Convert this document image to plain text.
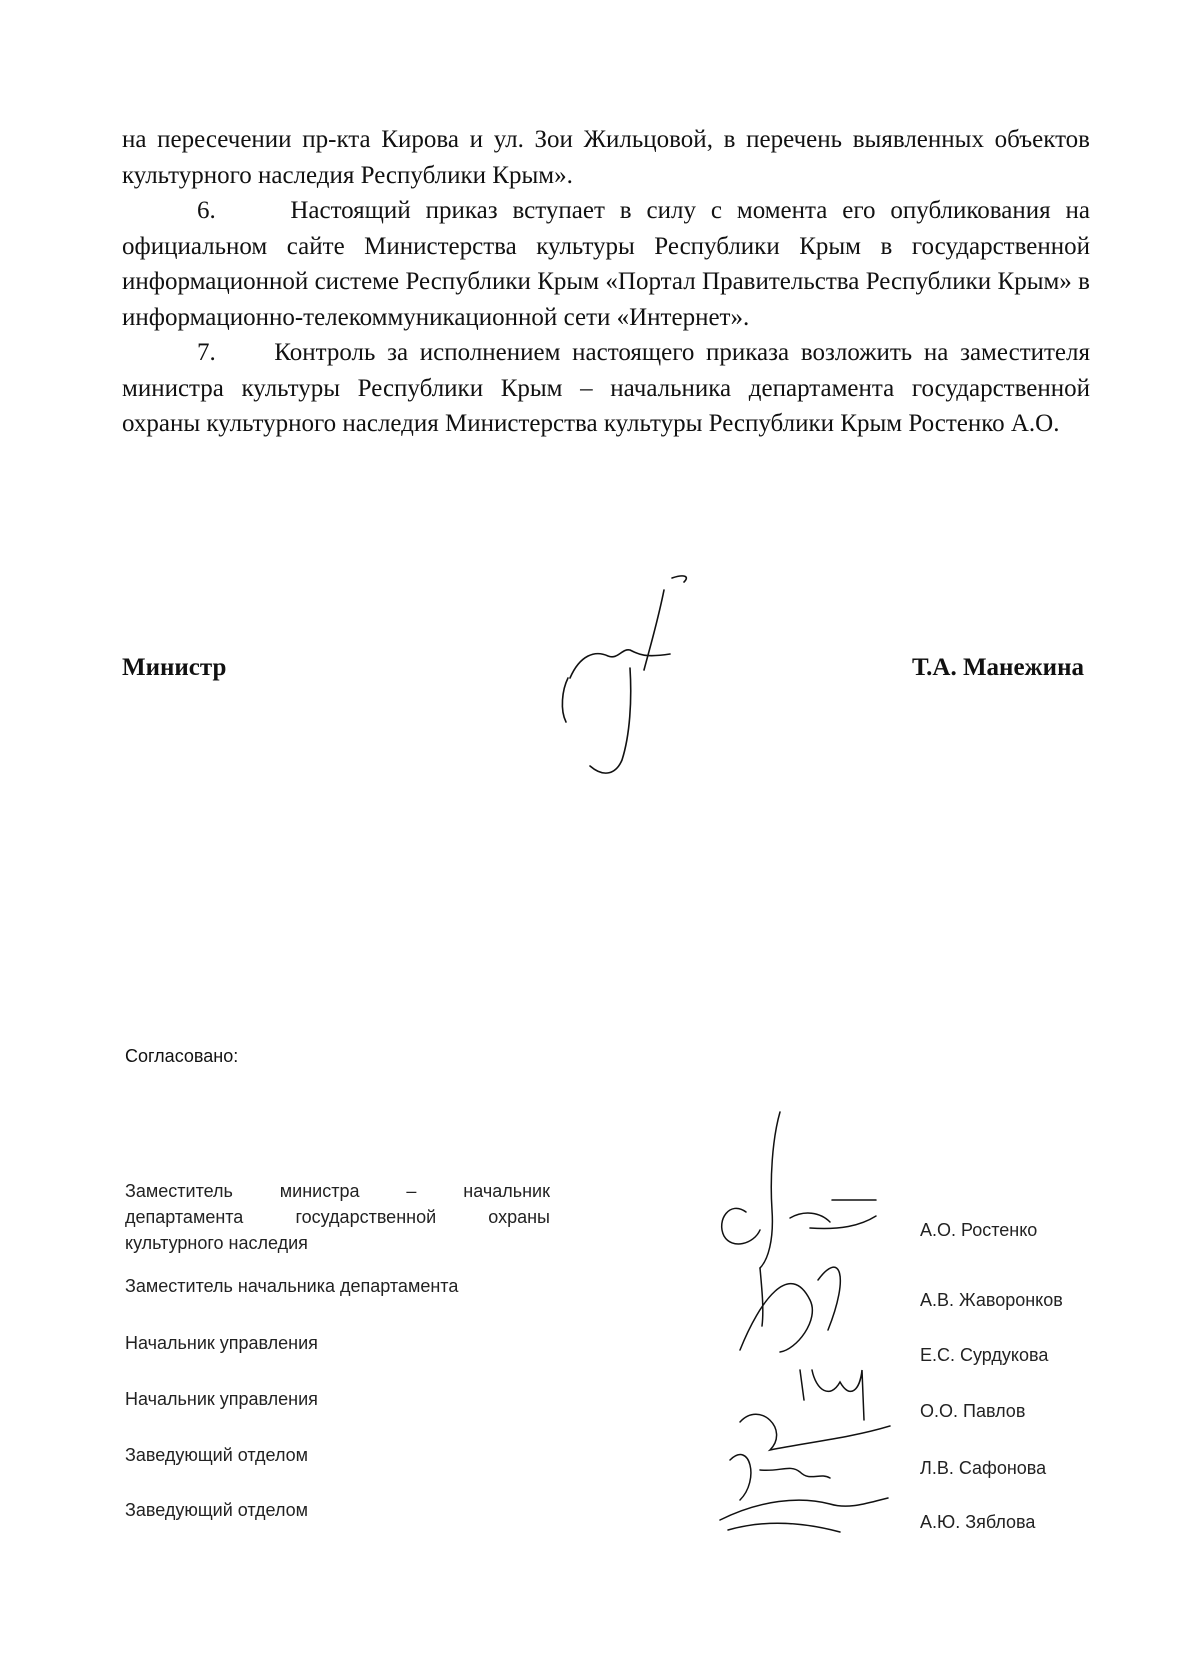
на пересечении пр-кта Кирова и ул. Зои Жильцовой, в перечень выявленных объектов культурного наследия Республики Крым».

6.     Настоящий приказ вступает в силу с момента его опубликования на официальном сайте Министерства культуры Республики Крым в государственной информационной системе Республики Крым «Портал Правительства Республики Крым» в информационно-телекоммуникационной сети «Интернет».

7.     Контроль за исполнением настоящего приказа возложить на заместителя министра культуры Республики Крым – начальника департамента государственной охраны культурного наследия Министерства культуры Республики Крым Ростенко А.О.

Министр	Т.А. Манежина
Согласовано:
Заместитель министра – начальник
департамента государственной охраны
культурного наследия
А.О. Ростенко
Заместитель начальника департамента
А.В. Жаворонков
Начальник управления
Е.С. Сурдукова
Начальник управления
О.О. Павлов
Заведующий отделом
Л.В. Сафонова
Заведующий отделом
А.Ю. Зяблова
